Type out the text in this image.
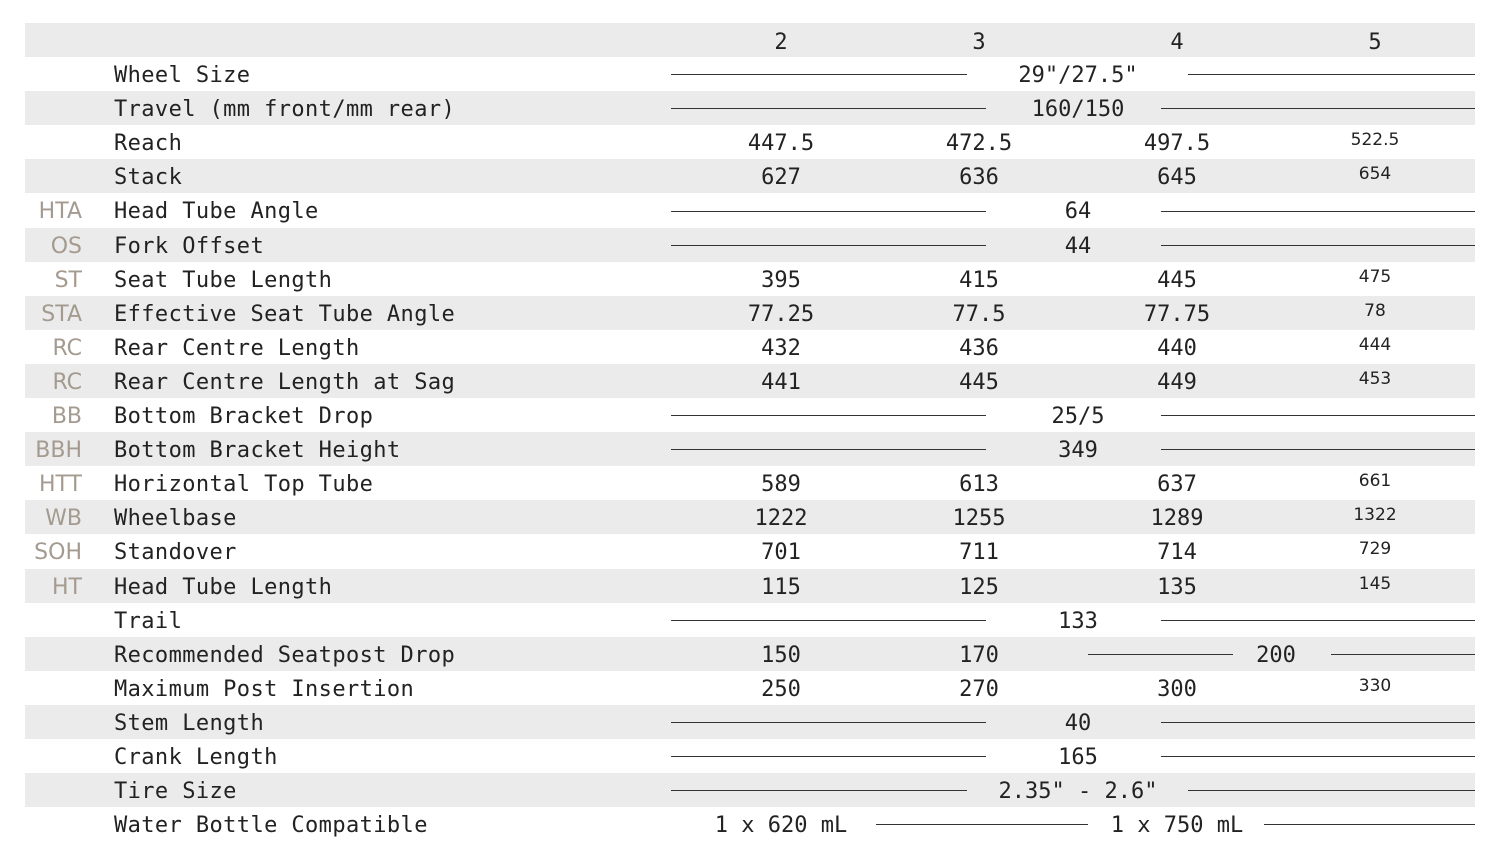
2	3	4	5
Wheel Size	29"/27.5"
Travel (mm front/mm rear)	160/150
Reach	447.5	472.5	497.5	522.5
Stack	627	636	645	654
HTA Head Tube Angle	64
OS Fork Offset	44
ST Seat Tube Length	395	415	445	475
STA Effective Seat Tube Angle	77.25	77.5	77.75	78
RC Rear Centre Length	432	436	440	444
RC Rear Centre Length at Sag	441	445	449	453
BB Bottom Bracket Drop	25/5
BBH Bottom Bracket Height	349
HTT Horizontal Top Tube	589	613	637	661
WB Wheelbase	1222	1255	1289	1322
SOH Standover	701	711	714	729
HT Head Tube Length	115	125	135	145
Trail	133
Recommended Seatpost Drop	150	170	200
Maximum Post Insertion	250	270	300	330
Stem Length	40
Crank Length	165
Tire Size	2.35" - 2.6"
Water Bottle Compatible	1 x 620 mL	1 x 750 mL
